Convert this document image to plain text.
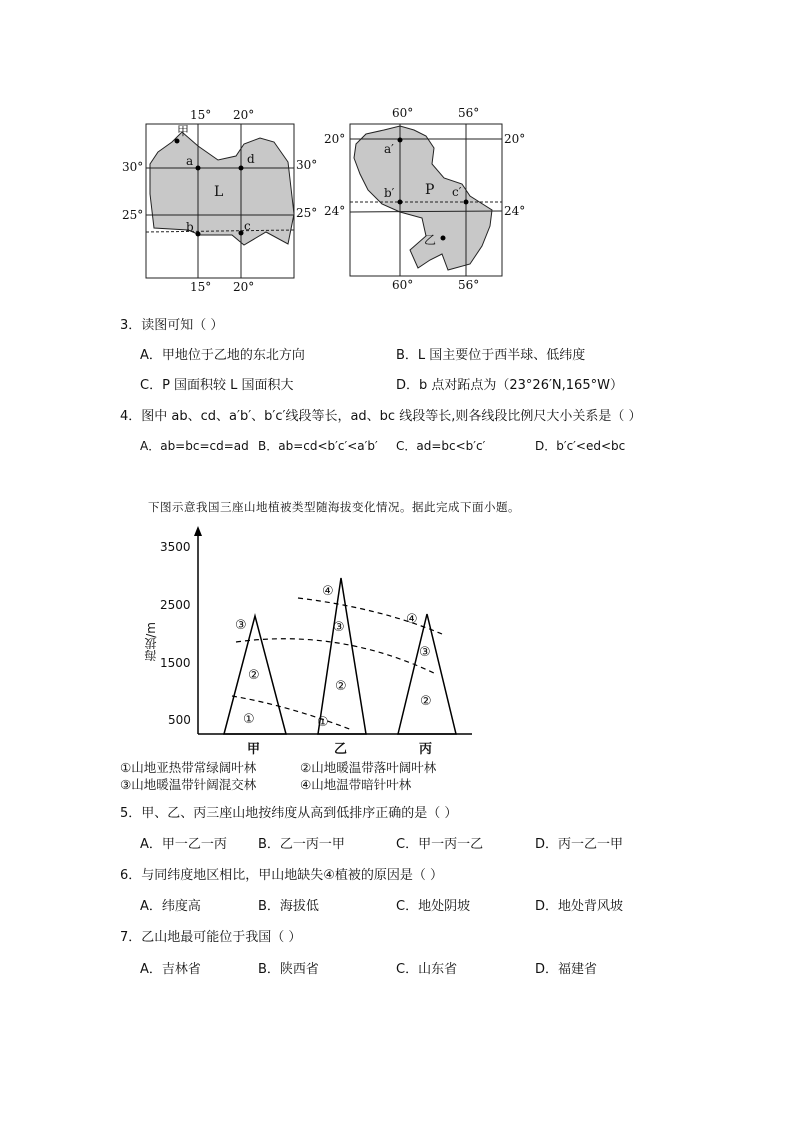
15° 20°
15° 20°
30°
25°
30°
25°
甲
a
b	c
d
L
60°	56°
60°	56°
20°
24°
20°
24°
a′
b′	c′
乙
P
3．读图可知（ ）
A．甲地位于乙地的东北方向	B．L 国主要位于西半球、低纬度
C．P 国面积较 L 国面积大	D．b 点对跖点为（23°26′N,165°W）
4．图中 ab、cd、a′b′、b′c′线段等长，ad、bc 线段等长,则各线段比例尺大小关系是（ ）
A．ab=bc=cd=ad B．ab=cd<b′c′<a′b′ C．ad=bc<b′c′	D．b′c′<ed<bc
下图示意我国三座山地植被类型随海拔变化情况。据此完成下面小题。
海拔/m
3500
2500
1500
500
③
②
①
④
③
②
①
④
③
②
甲	乙	丙
①山地亚热带常绿阔叶林	②山地暖温带落叶阔叶林
③山地暖温带针阔混交林	④山地温带暗针叶林
5．甲、乙、丙三座山地按纬度从高到低排序正确的是（ ）
A．甲一乙一丙 B．乙一丙一甲	C．甲一丙一乙	D．丙一乙一甲
6．与同纬度地区相比，甲山地缺失④植被的原因是（ ）
A．纬度高	B．海拔低	C．地处阴坡	D．地处背风坡
7．乙山地最可能位于我国（ ）
A．吉林省	B．陕西省	C．山东省	D．福建省
